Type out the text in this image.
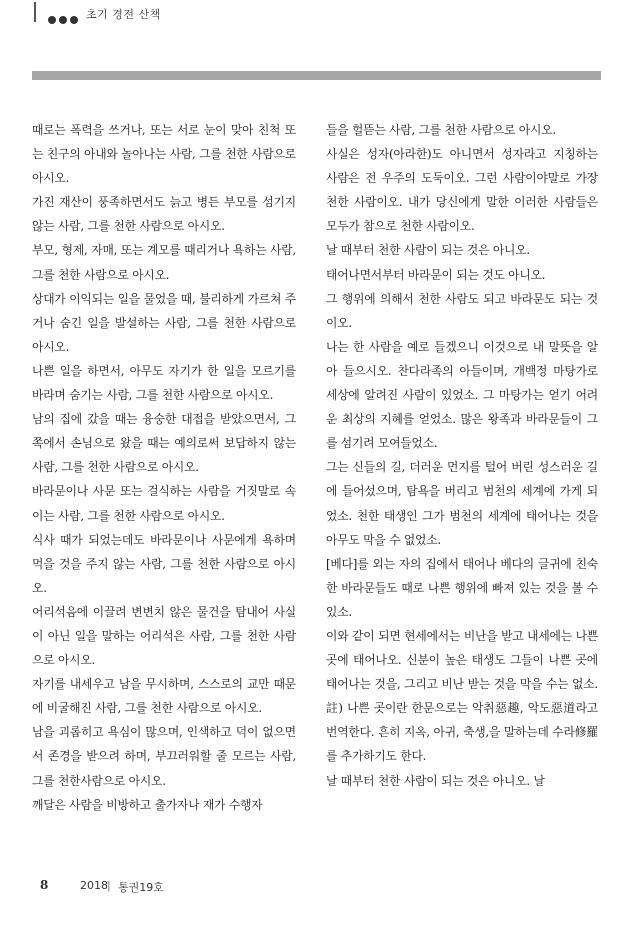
초기 경전 산책

때로는 폭력을 쓰거나, 또는 서로 눈이 맞아 친척 또는 친구의 아내와 놀아나는 사람, 그를 천한 사람으로 아시오.

가진 재산이 풍족하면서도 늙고 병든 부모를 섬기지 않는 사람, 그를 천한 사람으로 아시오.

부모, 형제, 자매, 또는 계모를 때리거나 욕하는 사람, 그를 천한 사람으로 아시오.

상대가 이익되는 일을 물었을 때, 불리하게 가르쳐 주거나 숨긴 일을 발설하는 사람, 그를 천한 사람으로 아시오.

나쁜 일을 하면서, 아무도 자기가 한 일을 모르기를 바라며 숨기는 사람, 그를 천한 사람으로 아시오.

남의 집에 갔을 때는 융숭한 대접을 받았으면서, 그 쪽에서 손님으로 왔을 때는 예의로써 보답하지 않는 사람, 그를 천한 사람으로 아시오.

바라문이나 사문 또는 걸식하는 사람을 거짓말로 속이는 사람, 그를 천한 사람으로 아시오.

식사 때가 되었는데도 바라문이나 사문에게 욕하며 먹을 것을 주지 않는 사람, 그를 천한 사람으로 아시오.

어리석음에 이끌려 변변치 않은 물건을 탐내어 사실이 아닌 일을 말하는 어리석은 사람, 그를 천한 사람으로 아시오.

자기를 내세우고 남을 무시하며, 스스로의 교만 때문에 비굴해진 사람, 그를 천한 사람으로 아시오.

남을 괴롭히고 욕심이 많으며, 인색하고 덕이 없으면서 존경을 받으려 하며, 부끄러워할 줄 모르는 사람, 그를 천한사람으로 아시오.

깨달은 사람을 비방하고 출가자나 재가 수행자

들을 헐뜯는 사람, 그를 천한 사람으로 아시오.

사실은 성자(아라한)도 아니면서 성자라고 지칭하는 사람은 전 우주의 도둑이오. 그런 사람이야말로 가장 천한 사람이오. 내가 당신에게 말한 이러한 사람들은 모두가 참으로 천한 사람이오.

날 때부터 천한 사람이 되는 것은 아니오.

태어나면서부터 바라문이 되는 것도 아니오.

그 행위에 의해서 천한 사람도 되고 바라문도 되는 것이오.

나는 한 사람을 예로 들겠으니 이것으로 내 말뜻을 알아 들으시오. 찬다라족의 아들이며, 개백정 마탕가로 세상에 알려진 사람이 있었소. 그 마탕가는 얻기 어려운 최상의 지혜를 얻었소. 많은 왕족과 바라문들이 그를 섬기려 모여들었소.

그는 신들의 길, 더러운 먼지를 털어 버린 성스러운 길에 들어섰으며, 탐욕을 버리고 범천의 세계에 가게 되었소. 천한 태생인 그가 범천의 세계에 태어나는 것을 아무도 막을 수 없었소.

[베다]를 외는 자의 집에서 태어나 베다의 글귀에 친숙한 바라문들도 때로 나쁜 행위에 빠져 있는 것을 볼 수 있소.

이와 같이 되면 현세에서는 비난을 받고 내세에는 나쁜 곳에 태어나오. 신분이 높은 태생도 그들이 나쁜 곳에 태어나는 것을, 그리고 비난 받는 것을 막을 수는 없소.註) 나쁜 곳이란 한문으로는 악취惡趣, 악도惡道라고 번역한다. 흔히 지옥, 아귀, 축생,을 말하는데 수라修羅를 추가하기도 한다.

날 때부터 천한 사람이 되는 것은 아니오. 날

8	2018 | 통권19호
